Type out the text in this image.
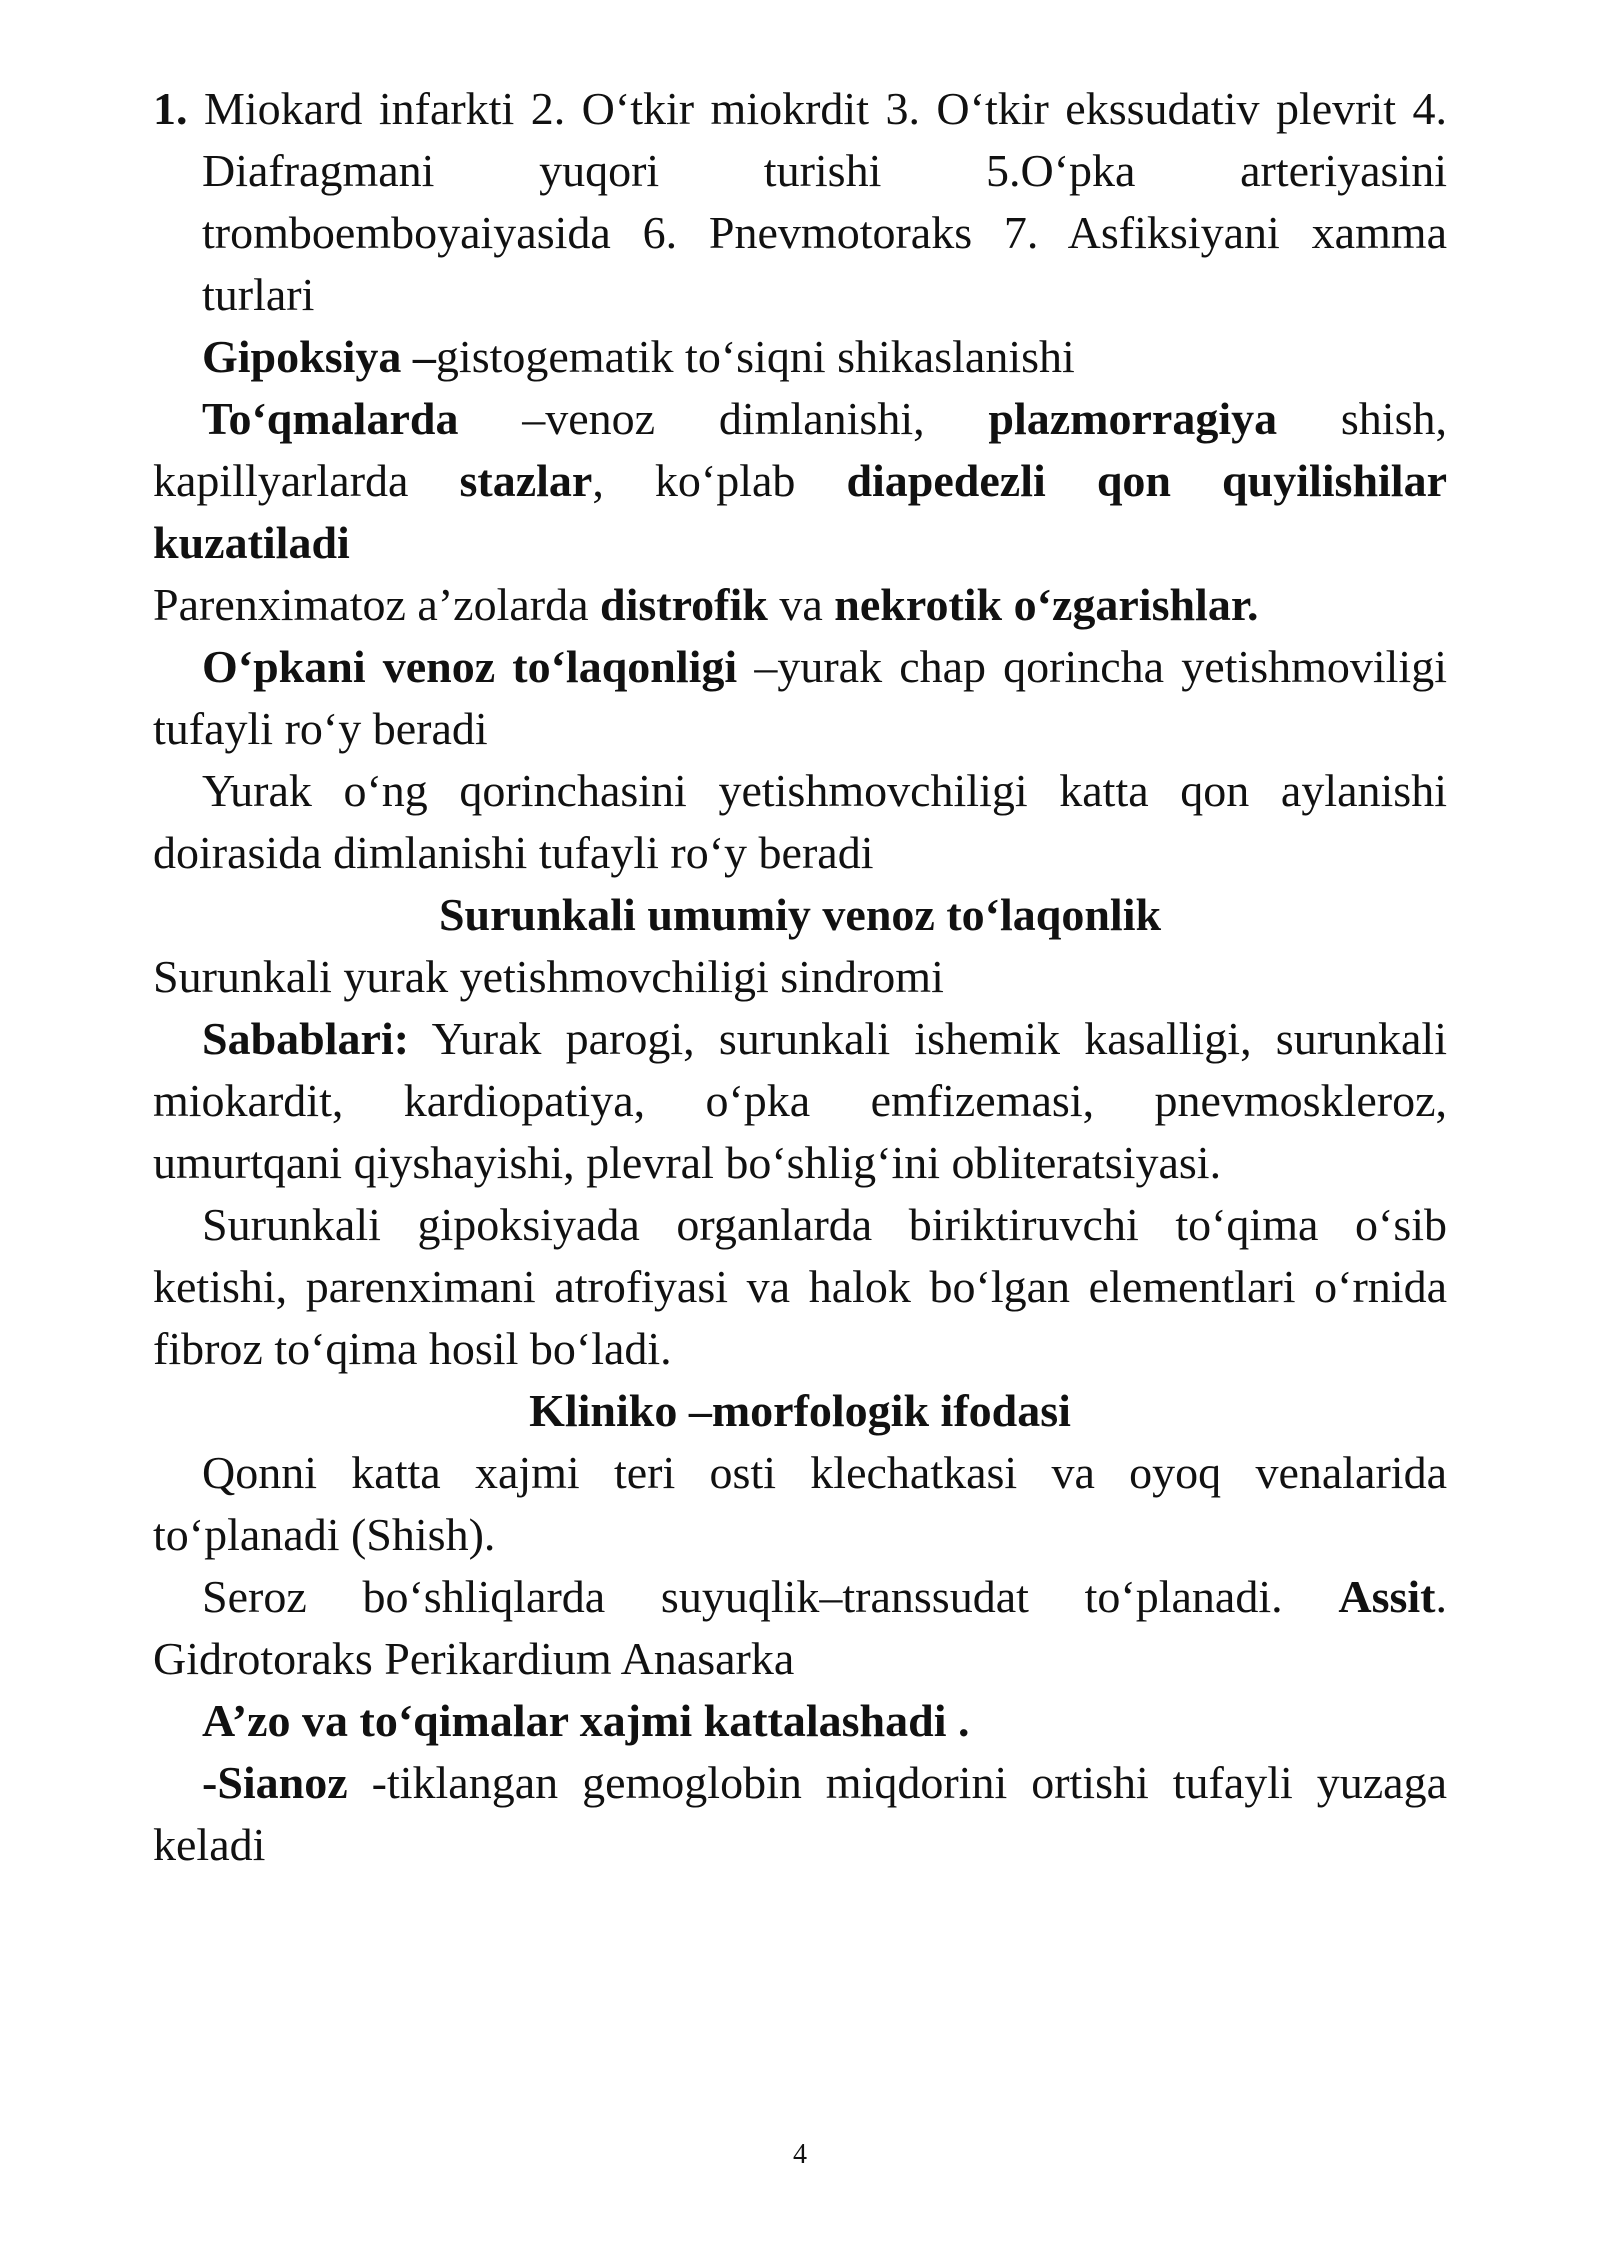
1. Miokard infarkti 2. O‘tkir miokrdit 3. O‘tkir ekssudativ plevrit 4. Diafragmani yuqori turishi 5.O‘pka arteriyasini tromboemboyaiyasida 6. Pnevmotoraks 7. Asfiksiyani xamma turlari

Gipoksiya –gistogematik to‘siqni shikaslanishi

To‘qmalarda –venoz dimlanishi, plazmorragiya shish, kapillyarlarda stazlar, ko‘plab diapedezli qon quyilishilar kuzatiladi

Parenximatoz a’zolarda distrofik va nekrotik o‘zgarishlar.

O‘pkani venoz to‘laqonligi –yurak chap qorincha yetishmoviligi tufayli ro‘y beradi

Yurak o‘ng qorinchasini yetishmovchiligi katta qon aylanishi doirasida dimlanishi tufayli ro‘y beradi

Surunkali umumiy venoz to‘laqonlik

Surunkali yurak yetishmovchiligi sindromi

Sabablari: Yurak parogi, surunkali ishemik kasalligi, surunkali miokardit, kardiopatiya, o‘pka emfizemasi, pnevmoskleroz, umurtqani qiyshayishi, plevral bo‘shlig‘ini obliteratsiyasi.

Surunkali gipoksiyada organlarda biriktiruvchi to‘qima o‘sib ketishi, parenximani atrofiyasi va halok bo‘lgan elementlari o‘rnida fibroz to‘qima hosil bo‘ladi.

Kliniko –morfologik ifodasi

Qonni katta xajmi teri osti klechatkasi va oyoq venalarida to‘planadi (Shish).

Seroz bo‘shliqlarda suyuqlik–transsudat to‘planadi. Assit. Gidrotoraks Perikardium Anasarka

A’zo va to‘qimalar xajmi kattalashadi .

-Sianoz -tiklangan gemoglobin miqdorini ortishi tufayli yuzaga keladi

4
